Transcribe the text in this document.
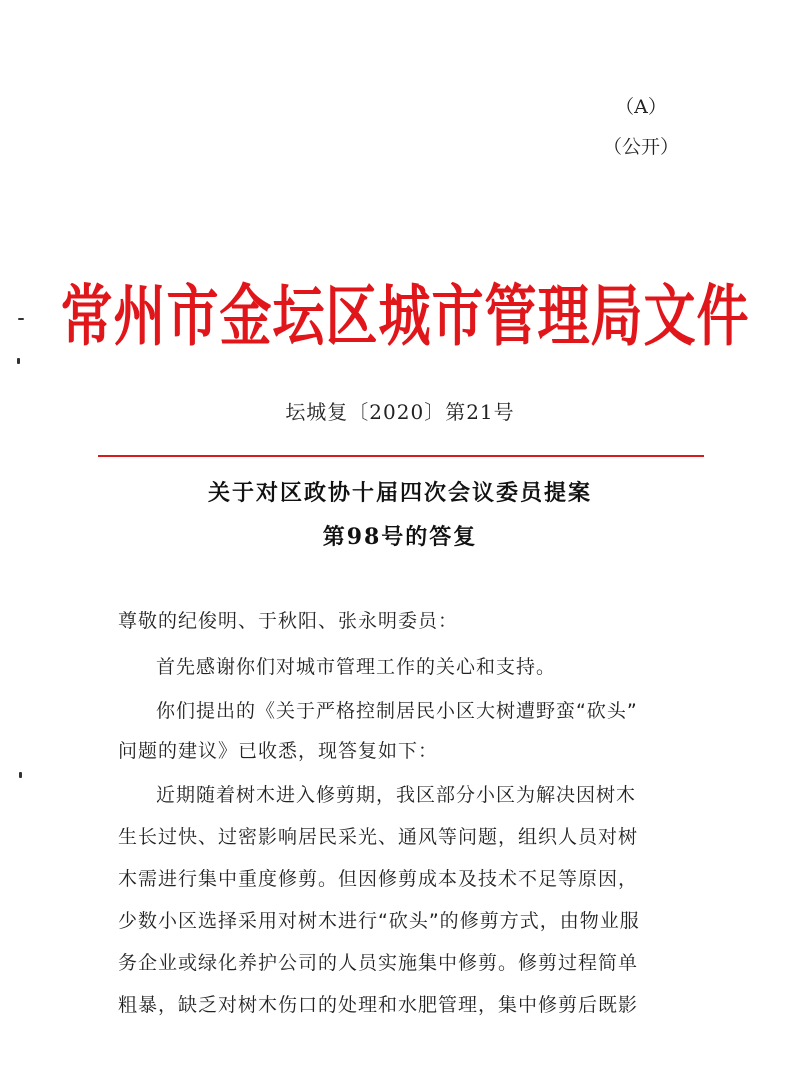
（A）
（公开）
常州市金坛区城市管理局文件
坛城复〔2020〕第21号
关于对区政协十届四次会议委员提案
第98号的答复
尊敬的纪俊明、于秋阳、张永明委员：
首先感谢你们对城市管理工作的关心和支持。
你们提出的《关于严格控制居民小区大树遭野蛮“砍头”
问题的建议》已收悉，现答复如下：
近期随着树木进入修剪期，我区部分小区为解决因树木
生长过快、过密影响居民采光、通风等问题，组织人员对树
木需进行集中重度修剪。但因修剪成本及技术不足等原因，
少数小区选择采用对树木进行“砍头”的修剪方式，由物业服
务企业或绿化养护公司的人员实施集中修剪。修剪过程简单
粗暴，缺乏对树木伤口的处理和水肥管理，集中修剪后既影
